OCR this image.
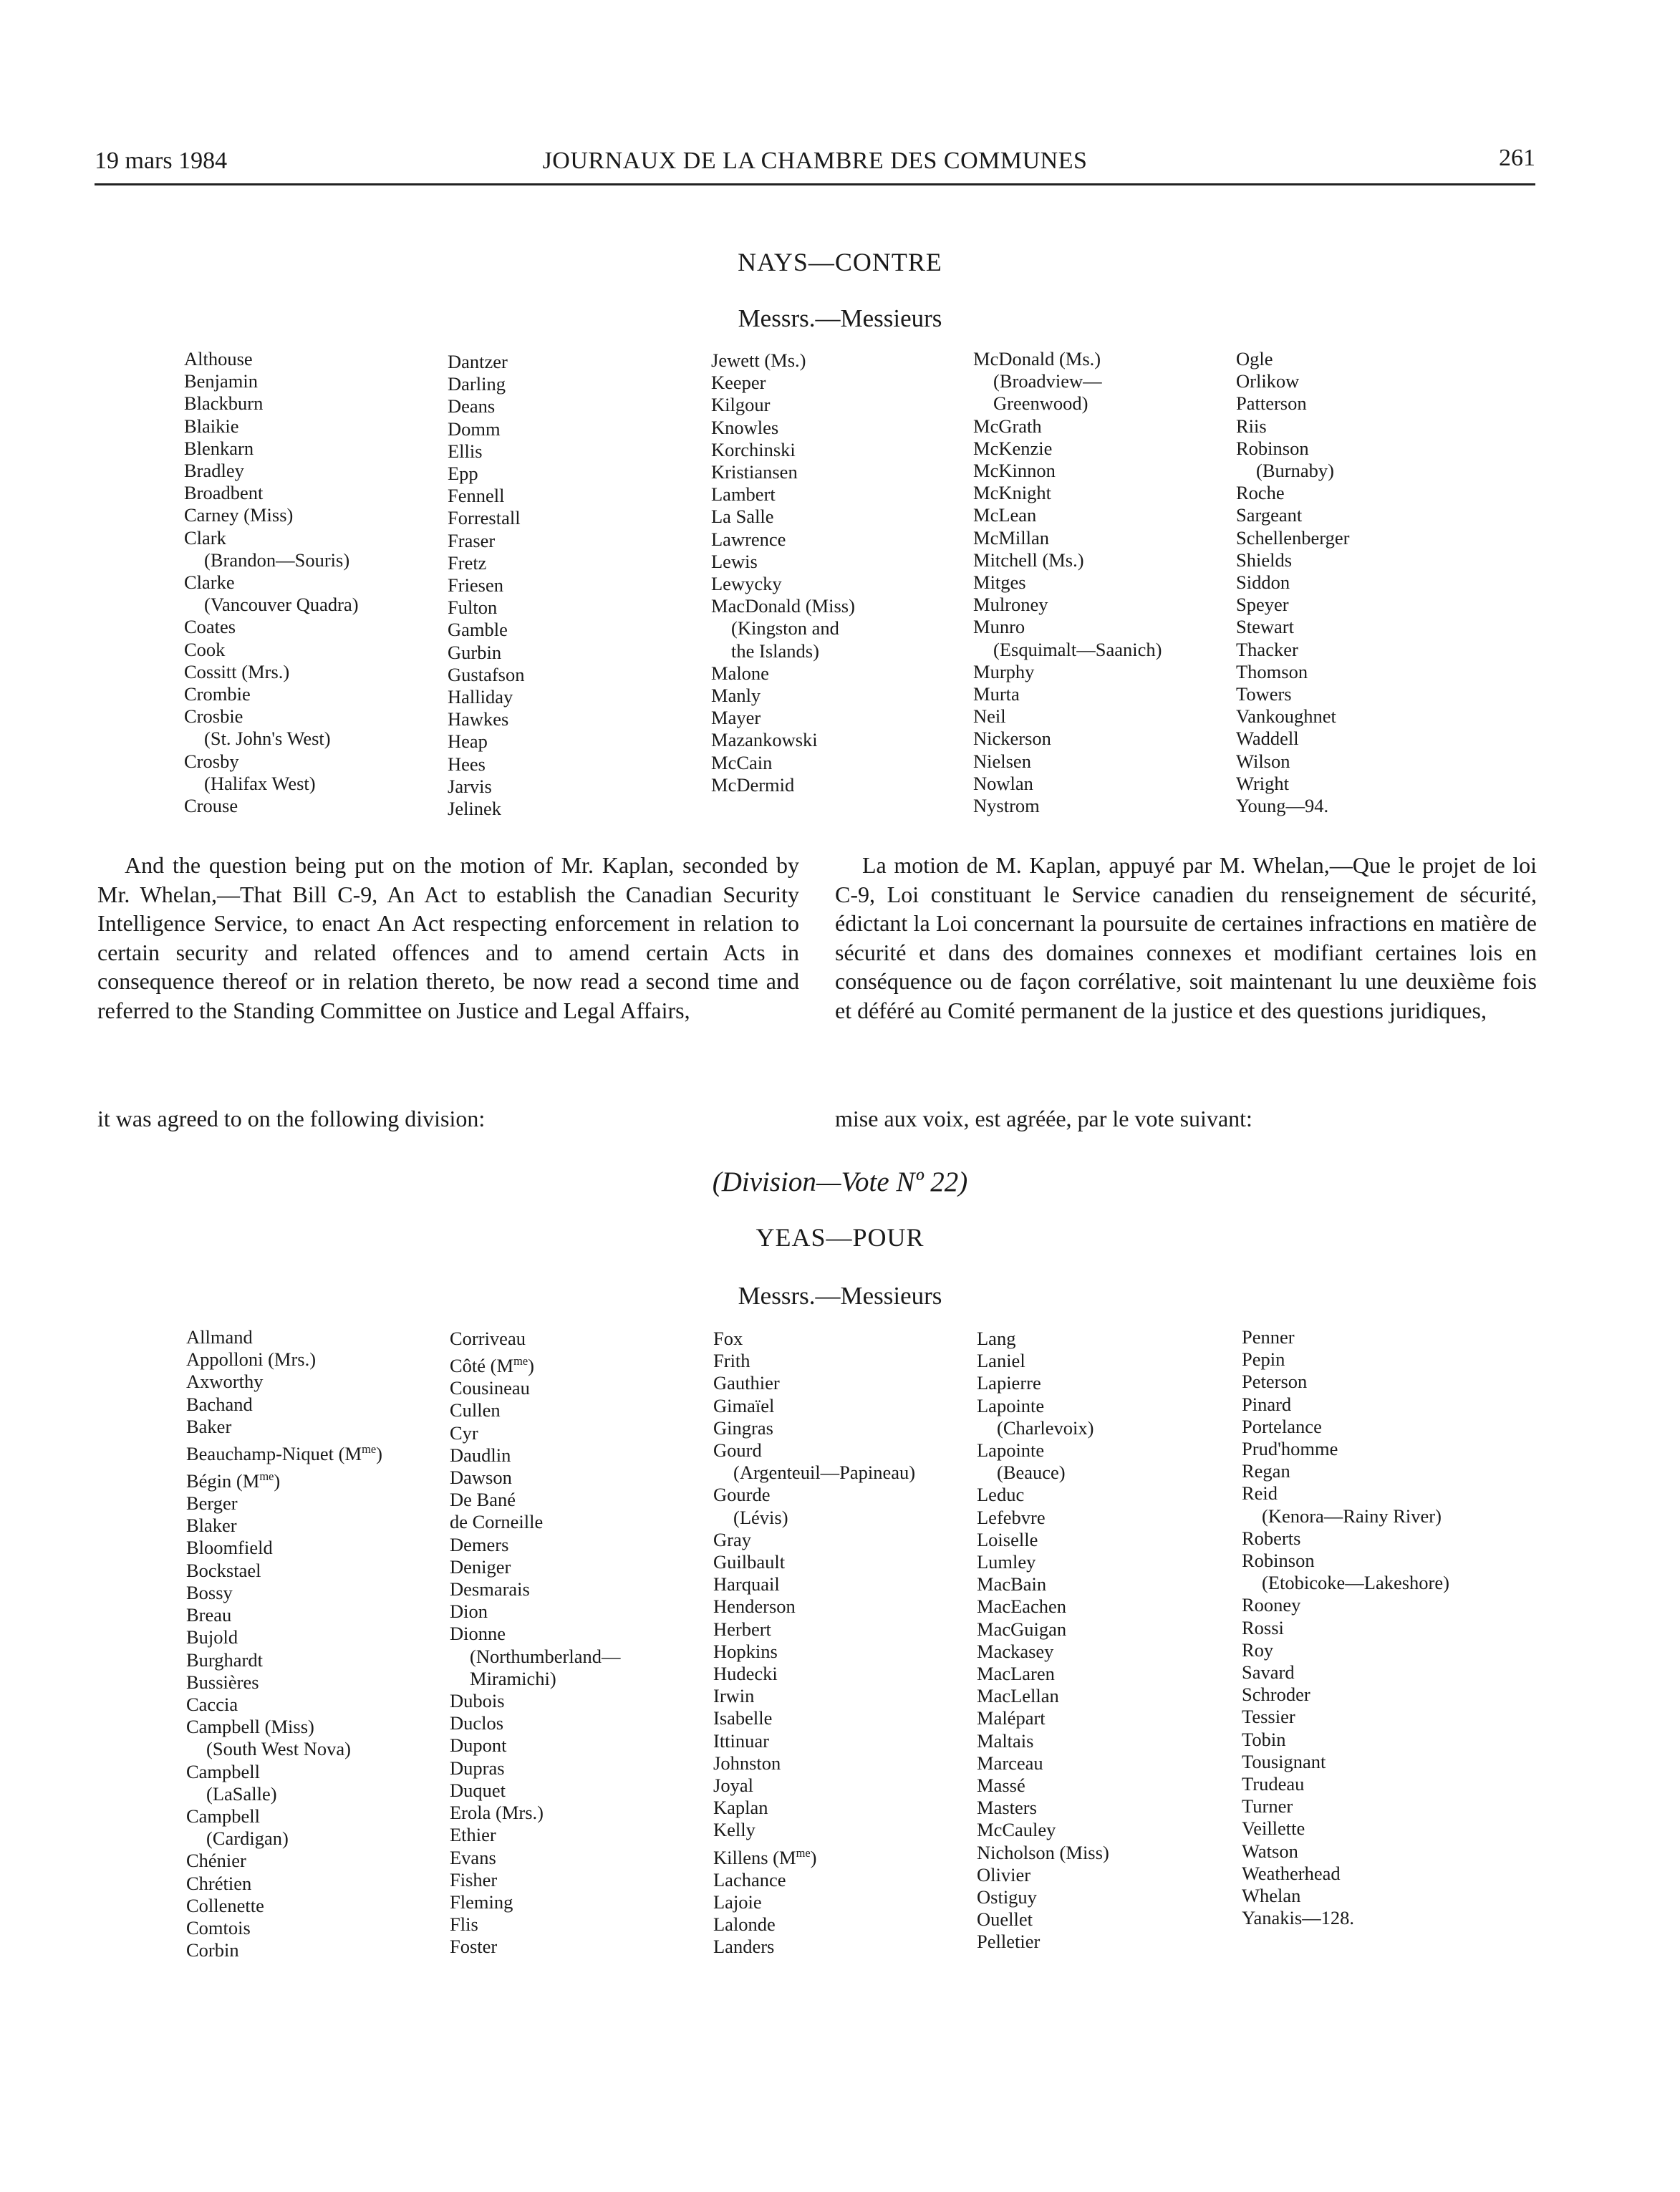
19 mars 1984	JOURNAUX DE LA CHAMBRE DES COMMUNES	261
NAYS—CONTRE
Messrs.—Messieurs
Althouse
Benjamin
Blackburn
Blaikie
Blenkarn
Bradley
Broadbent
Carney (Miss)
Clark
(Brandon—Souris)
Clarke
(Vancouver Quadra)
Coates
Cook
Cossitt (Mrs.)
Crombie
Crosbie
(St. John's West)
Crosby
(Halifax West)
Crouse
Dantzer
Darling
Deans
Domm
Ellis
Epp
Fennell
Forrestall
Fraser
Fretz
Friesen
Fulton
Gamble
Gurbin
Gustafson
Halliday
Hawkes
Heap
Hees
Jarvis
Jelinek
Jewett (Ms.)
Keeper
Kilgour
Knowles
Korchinski
Kristiansen
Lambert
La Salle
Lawrence
Lewis
Lewycky
MacDonald (Miss)
(Kingston and
the Islands)
Malone
Manly
Mayer
Mazankowski
McCain
McDermid
McDonald (Ms.)
(Broadview—
Greenwood)
McGrath
McKenzie
McKinnon
McKnight
McLean
McMillan
Mitchell (Ms.)
Mitges
Mulroney
Munro
(Esquimalt—Saanich)
Murphy
Murta
Neil
Nickerson
Nielsen
Nowlan
Nystrom
Ogle
Orlikow
Patterson
Riis
Robinson
(Burnaby)
Roche
Sargeant
Schellenberger
Shields
Siddon
Speyer
Stewart
Thacker
Thomson
Towers
Vankoughnet
Waddell
Wilson
Wright
Young—94.

And the question being put on the motion of Mr. Kaplan, seconded by Mr. Whelan,—That Bill C-9, An Act to establish the Canadian Security Intelligence Service, to enact An Act respecting enforcement in relation to certain security and related offences and to amend certain Acts in consequence thereof or in relation thereto, be now read a second time and referred to the Standing Committee on Justice and Legal Affairs,

it was agreed to on the following division:

La motion de M. Kaplan, appuyé par M. Whelan,—Que le projet de loi C-9, Loi constituant le Service canadien du renseignement de sécurité, édictant la Loi concernant la poursuite de certaines infractions en matière de sécurité et dans des domaines connexes et modifiant certaines lois en conséquence ou de façon corrélative, soit maintenant lu une deuxième fois et déféré au Comité permanent de la justice et des questions juridiques,

mise aux voix, est agréée, par le vote suivant:

(Division—Vote Nº 22)
YEAS—POUR
Messrs.—Messieurs
Allmand
Appolloni (Mrs.)
Axworthy
Bachand
Baker
Beauchamp-Niquet $(M^{me})$
Bégin $(M^{me})$
Berger
Blaker
Bloomfield
Bockstael
Bossy
Breau
Bujold
Burghardt
Bussières
Caccia
Campbell (Miss)
(South West Nova)
Campbell
(LaSalle)
Campbell
(Cardigan)
Chénier
Chrétien
Collenette
Comtois
Corbin
Corriveau
Côté $(M^{me})$
Cousineau
Cullen
Cyr
Daudlin
Dawson
De Bané
de Corneille
Demers
Deniger
Desmarais
Dion
Dionne
(Northumberland—
Miramichi)
Dubois
Duclos
Dupont
Dupras
Duquet
Erola (Mrs.)
Ethier
Evans
Fisher
Fleming
Flis
Foster
Fox
Frith
Gauthier
Gimaïel
Gingras
Gourd
(Argenteuil—Papineau)
Gourde
(Lévis)
Gray
Guilbault
Harquail
Henderson
Herbert
Hopkins
Hudecki
Irwin
Isabelle
Ittinuar
Johnston
Joyal
Kaplan
Kelly
Killens $(M^{me})$
Lachance
Lajoie
Lalonde
Landers
Lang
Laniel
Lapierre
Lapointe
(Charlevoix)
Lapointe
(Beauce)
Leduc
Lefebvre
Loiselle
Lumley
MacBain
MacEachen
MacGuigan
Mackasey
MacLaren
MacLellan
Malépart
Maltais
Marceau
Massé
Masters
McCauley
Nicholson (Miss)
Olivier
Ostiguy
Ouellet
Pelletier
Penner
Pepin
Peterson
Pinard
Portelance
Prud'homme
Regan
Reid
(Kenora—Rainy River)
Roberts
Robinson
(Etobicoke—Lakeshore)
Rooney
Rossi
Roy
Savard
Schroder
Tessier
Tobin
Tousignant
Trudeau
Turner
Veillette
Watson
Weatherhead
Whelan
Yanakis—128.
